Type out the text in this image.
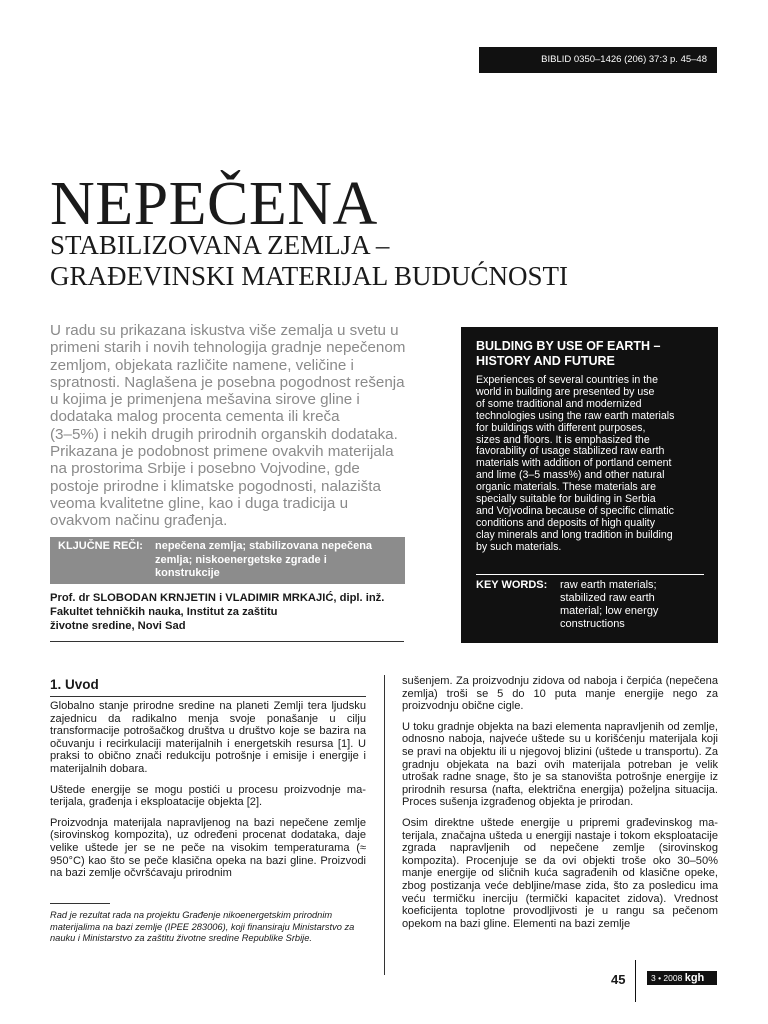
BIBLID 0350–1426 (206) 37:3 p. 45–48
NEPEČENA
STABILIZOVANA ZEMLJA –
GRAĐEVINSKI MATERIJAL BUDUĆNOSTI
U radu su prikazana iskustva više zemalja u svetu u
primeni starih i novih tehnologija gradnje nepečenom
zemljom, objekata različite namene, veličine i
spratnosti. Naglašena je posebna pogodnost rešenja
u kojima je primenjena mešavina sirove gline i
dodataka malog procenta cementa ili kreča
(3–5%) i nekih drugih prirodnih organskih dodataka.
Prikazana je podobnost primene ovakvih materijala
na prostorima Srbije i posebno Vojvodine, gde
postoje prirodne i klimatske pogodnosti, nalazišta
veoma kvalitetne gline, kao i duga tradicija u
ovakvom načinu građenja.
KLJUČNE REČI: nepečena zemlja; stabilizovana nepečena
zemlja; niskoenergetske zgrade i
konstrukcije
Prof. dr SLOBODAN KRNJETIN i VLADIMIR MRKAJIĆ, dipl. inž.
Fakultet tehničkih nauka, Institut za zaštitu
životne sredine, Novi Sad
BULDING BY USE OF EARTH –
HISTORY AND FUTURE
Experiences of several countries in the
world in building are presented by use
of some traditional and modernized
technologies using the raw earth materials
for buildings with different purposes,
sizes and floors. It is emphasized the
favorability of usage stabilized raw earth
materials with addition of portland cement
and lime (3–5 mass%) and other natural
organic materials. These materials are
specially suitable for building in Serbia
and Vojvodina because of specific climatic
conditions and deposits of high quality
clay minerals and long tradition in building
by such materials.
KEY WORDS: raw earth materials;
stabilized raw earth
material; low energy
constructions
1. Uvod

Globalno stanje prirodne sredine na planeti Zemlji tera ljudsku zajednicu da radikalno menja svoje ponašanje u cilju transformacije potrošačkog društva u društvo koje se bazira na očuvanju i recirkulaciji materijalnih i energetskih resursa [1]. U praksi to obično znači redukciju potrošnje i emisije i energije i materijalnih dobara.

Uštede energije se mogu postići u procesu proizvodnje materijala, građenja i eksploatacije objekta [2].

Proizvodnja materijala napravljenog na bazi nepečene zemlje (sirovinskog kompozita), uz određeni procenat dodataka, daje velike uštede jer se ne peče na visokim temperaturama (≈ 950°C) kao što se peče klasična opeka na bazi gline. Proizvodi na bazi zemlje očvršćavaju prirodnim

sušenjem. Za proizvodnju zidova od naboja i čerpića (nepečena zemlja) troši se 5 do 10 puta manje energije nego za proizvodnju obične cigle.

U toku gradnje objekta na bazi elementa napravljenih od zemlje, odnosno naboja, najveće uštede su u korišćenju materijala koji se pravi na objektu ili u njegovoj blizini (uštede u transportu). Za gradnju objekata na bazi ovih materijala potreban je velik utrošak radne snage, što je sa stanovišta potrošnje energije iz prirodnih resursa (nafta, električna energija) poželjna situacija. Proces sušenja izgrađenog objekta je prirodan.

Osim direktne uštede energije u pripremi građevinskog materijala, značajna ušteda u energiji nastaje i tokom eksploatacije zgrada napravljenih od nepečene zemlje (sirovinskog kompozita). Procenjuje se da ovi objekti troše oko 30–50% manje energije od sličnih kuća sagrađenih od klasične opeke, zbog postizanja veće debljine/mase zida, što za posledicu ima veću termičku inerciju (termički kapacitet zidova). Vrednost koeficijenta toplotne provodljivosti je u rangu sa pečenom opekom na bazi gline. Elementi na bazi zemlje

Rad je rezultat rada na projektu Građenje nikoenergetskim prirodnim materijalima na bazi zemlje (IPEE 283006), koji finansiraju Ministarstvo za nauku i Ministarstvo za zaštitu životne sredine Republike Srbije.
45	3 • 2008 kgh
